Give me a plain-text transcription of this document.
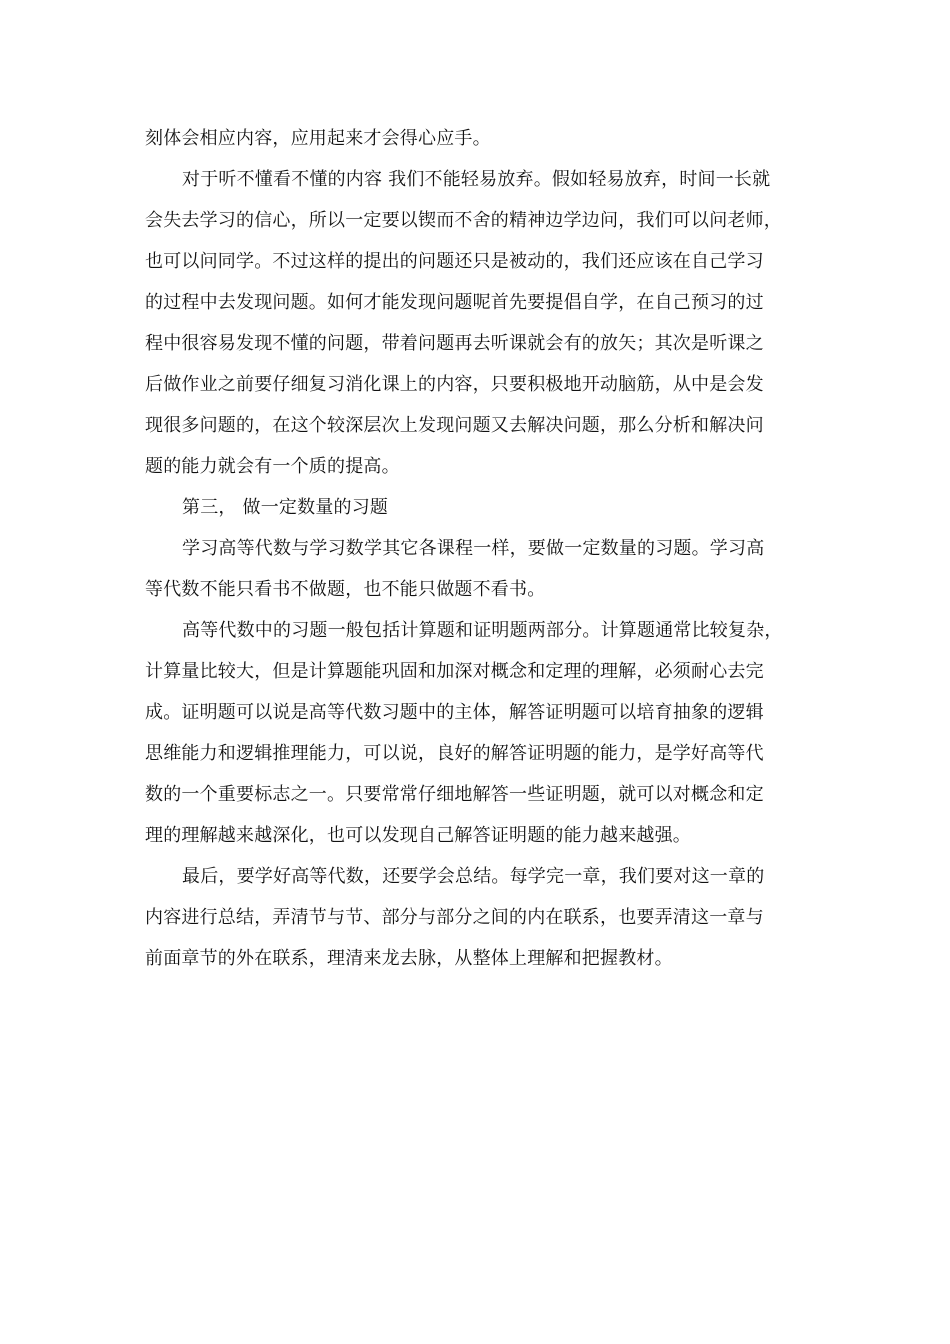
刻体会相应内容，应用起来才会得心应手。
对于听不懂看不懂的内容 我们不能轻易放弃。假如轻易放弃，时间一长就
会失去学习的信心，所以一定要以锲而不舍的精神边学边问，我们可以问老师，
也可以问同学。不过这样的提出的问题还只是被动的，我们还应该在自己学习
的过程中去发现问题。如何才能发现问题呢首先要提倡自学，在自己预习的过
程中很容易发现不懂的问题，带着问题再去听课就会有的放矢；其次是听课之
后做作业之前要仔细复习消化课上的内容，只要积极地开动脑筋，从中是会发
现很多问题的，在这个较深层次上发现问题又去解决问题，那么分析和解决问
题的能力就会有一个质的提高。
第三， 做一定数量的习题
学习高等代数与学习数学其它各课程一样，要做一定数量的习题。学习高
等代数不能只看书不做题，也不能只做题不看书。
高等代数中的习题一般包括计算题和证明题两部分。计算题通常比较复杂，
计算量比较大，但是计算题能巩固和加深对概念和定理的理解，必须耐心去完
成。证明题可以说是高等代数习题中的主体，解答证明题可以培育抽象的逻辑
思维能力和逻辑推理能力，可以说，良好的解答证明题的能力，是学好高等代
数的一个重要标志之一。只要常常仔细地解答一些证明题，就可以对概念和定
理的理解越来越深化，也可以发现自己解答证明题的能力越来越强。
最后，要学好高等代数，还要学会总结。每学完一章，我们要对这一章的
内容进行总结，弄清节与节、部分与部分之间的内在联系，也要弄清这一章与
前面章节的外在联系，理清来龙去脉，从整体上理解和把握教材。
